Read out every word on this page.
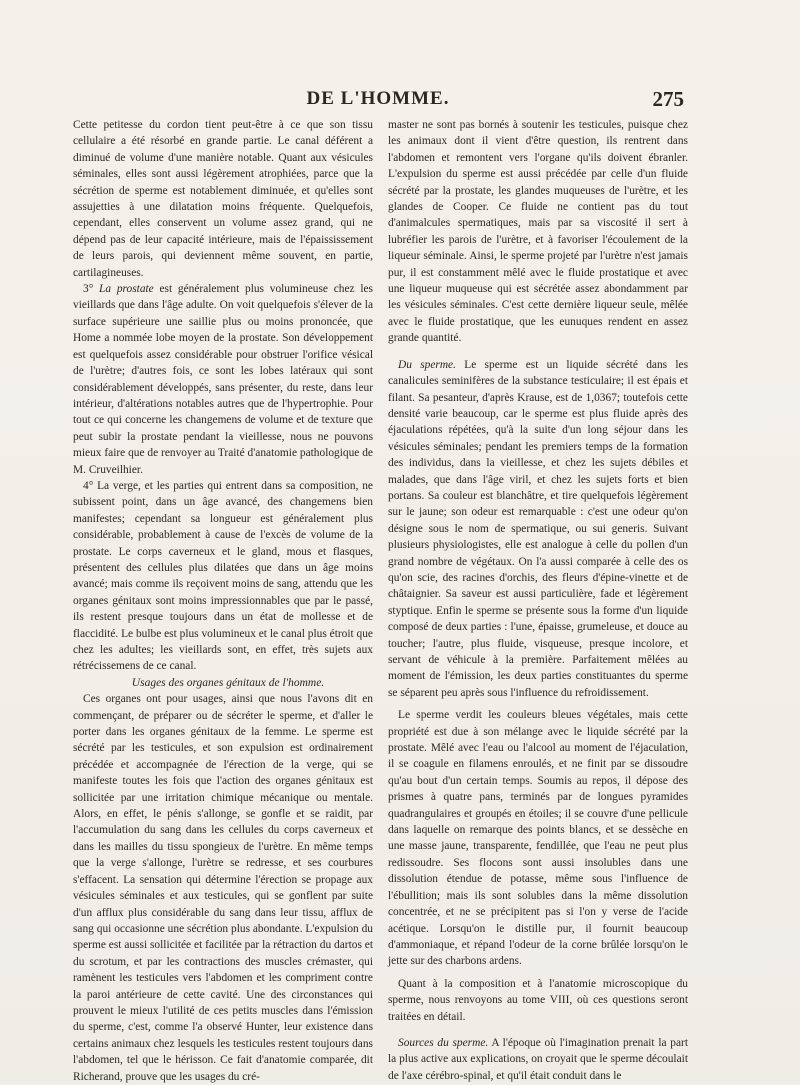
DE L'HOMME.	275

Cette petitesse du cordon tient peut-être à ce que son tissu cellulaire a été résorbé en grande partie. Le canal déférent a diminué de volume d'une manière notable. Quant aux vésicules séminales, elles sont aussi légèrement atrophiées, parce que la sécrétion de sperme est notablement diminuée, et qu'elles sont assujetties à une dilatation moins fréquente. Quelquefois, cependant, elles conservent un volume assez grand, qui ne dépend pas de leur capacité intérieure, mais de l'épaississement de leurs parois, qui deviennent même souvent, en partie, cartilagineuses.

3° La prostate est généralement plus volumineuse chez les vieillards que dans l'âge adulte. On voit quelquefois s'élever de la surface supérieure une saillie plus ou moins prononcée, que Home a nommée lobe moyen de la prostate. Son développement est quelquefois assez considérable pour obstruer l'orifice vésical de l'urètre; d'autres fois, ce sont les lobes latéraux qui sont considérablement développés, sans présenter, du reste, dans leur intérieur, d'altérations notables autres que de l'hypertrophie. Pour tout ce qui concerne les changemens de volume et de texture que peut subir la prostate pendant la vieillesse, nous ne pouvons mieux faire que de renvoyer au Traité d'anatomie pathologique de M. Cruveilhier.

4° La verge, et les parties qui entrent dans sa composition, ne subissent point, dans un âge avancé, des changemens bien manifestes; cependant sa longueur est généralement plus considérable, probablement à cause de l'excès de volume de la prostate. Le corps caverneux et le gland, mous et flasques, présentent des cellules plus dilatées que dans un âge moins avancé; mais comme ils reçoivent moins de sang, attendu que les organes génitaux sont moins impressionnables que par le passé, ils restent presque toujours dans un état de mollesse et de flaccidité. Le bulbe est plus volumineux et le canal plus étroit que chez les adultes; les vieillards sont, en effet, très sujets aux rétrécissemens de ce canal.

Usages des organes génitaux de l'homme.

Ces organes ont pour usages, ainsi que nous l'avons dit en commençant, de préparer ou de sécréter le sperme, et d'aller le porter dans les organes génitaux de la femme. Le sperme est sécrété par les testicules, et son expulsion est ordinairement précédée et accompagnée de l'érection de la verge, qui se manifeste toutes les fois que l'action des organes génitaux est sollicitée par une irritation chimique mécanique ou mentale. Alors, en effet, le pénis s'allonge, se gonfle et se raidit, par l'accumulation du sang dans les cellules du corps caverneux et dans les mailles du tissu spongieux de l'urètre. En même temps que la verge s'allonge, l'urètre se redresse, et ses courbures s'effacent. La sensation qui détermine l'érection se propage aux vésicules séminales et aux testicules, qui se gonflent par suite d'un afflux plus considérable du sang dans leur tissu, afflux de sang qui occasionne une sécrétion plus abondante. L'expulsion du sperme est aussi sollicitée et facilitée par la rétraction du dartos et du scrotum, et par les contractions des muscles crémaster, qui ramènent les testicules vers l'abdomen et les compriment contre la paroi antérieure de cette cavité. Une des circonstances qui prouvent le mieux l'utilité de ces petits muscles dans l'émission du sperme, c'est, comme l'a observé Hunter, leur existence dans certains animaux chez lesquels les testicules restent toujours dans l'abdomen, tel que le hérisson. Ce fait d'anatomie comparée, dit Richerand, prouve que les usages du cré-

master ne sont pas bornés à soutenir les testicules, puisque chez les animaux dont il vient d'être question, ils rentrent dans l'abdomen et remontent vers l'organe qu'ils doivent ébranler. L'expulsion du sperme est aussi précédée par celle d'un fluide sécrété par la prostate, les glandes muqueuses de l'urètre, et les glandes de Cooper. Ce fluide ne contient pas du tout d'animalcules spermatiques, mais par sa viscosité il sert à lubréfier les parois de l'urètre, et à favoriser l'écoulement de la liqueur séminale. Ainsi, le sperme projeté par l'urètre n'est jamais pur, il est constamment mêlé avec le fluide prostatique et avec une liqueur muqueuse qui est sécrétée assez abondamment par les vésicules séminales. C'est cette dernière liqueur seule, mêlée avec le fluide prostatique, que les eunuques rendent en assez grande quantité.

Du sperme. Le sperme est un liquide sécrété dans les canalicules seminifères de la substance testiculaire; il est épais et filant. Sa pesanteur, d'après Krause, est de 1,0367; toutefois cette densité varie beaucoup, car le sperme est plus fluide après des éjaculations répétées, qu'à la suite d'un long séjour dans les vésicules séminales; pendant les premiers temps de la formation des individus, dans la vieillesse, et chez les sujets débiles et malades, que dans l'âge viril, et chez les sujets forts et bien portans. Sa couleur est blanchâtre, et tire quelquefois légèrement sur le jaune; son odeur est remarquable : c'est une odeur qu'on désigne sous le nom de spermatique, ou sui generis. Suivant plusieurs physiologistes, elle est analogue à celle du pollen d'un grand nombre de végétaux. On l'a aussi comparée à celle des os qu'on scie, des racines d'orchis, des fleurs d'épine-vinette et de châtaignier. Sa saveur est aussi particulière, fade et légèrement styptique. Enfin le sperme se présente sous la forme d'un liquide composé de deux parties : l'une, épaisse, grumeleuse, et douce au toucher; l'autre, plus fluide, visqueuse, presque incolore, et servant de véhicule à la première. Parfaitement mêlées au moment de l'émission, les deux parties constituantes du sperme se séparent peu après sous l'influence du refroidissement.

Le sperme verdit les couleurs bleues végétales, mais cette propriété est due à son mélange avec le liquide sécrété par la prostate. Mêlé avec l'eau ou l'alcool au moment de l'éjaculation, il se coagule en filamens enroulés, et ne finit par se dissoudre qu'au bout d'un certain temps. Soumis au repos, il dépose des prismes à quatre pans, terminés par de longues pyramides quadrangulaires et groupés en étoiles; il se couvre d'une pellicule dans laquelle on remarque des points blancs, et se dessèche en une masse jaune, transparente, fendillée, que l'eau ne peut plus redissoudre. Ses flocons sont aussi insolubles dans une dissolution étendue de potasse, même sous l'influence de l'ébullition; mais ils sont solubles dans la même dissolution concentrée, et ne se précipitent pas si l'on y verse de l'acide acétique. Lorsqu'on le distille pur, il fournit beaucoup d'ammoniaque, et répand l'odeur de la corne brûlée lorsqu'on le jette sur des charbons ardens.

Quant à la composition et à l'anatomie microscopique du sperme, nous renvoyons au tome VIII, où ces questions seront traitées en détail.

Sources du sperme. A l'époque où l'imagination prenait la part la plus active aux explications, on croyait que le sperme découlait de l'axe cérébro-spinal, et qu'il était conduit dans le
